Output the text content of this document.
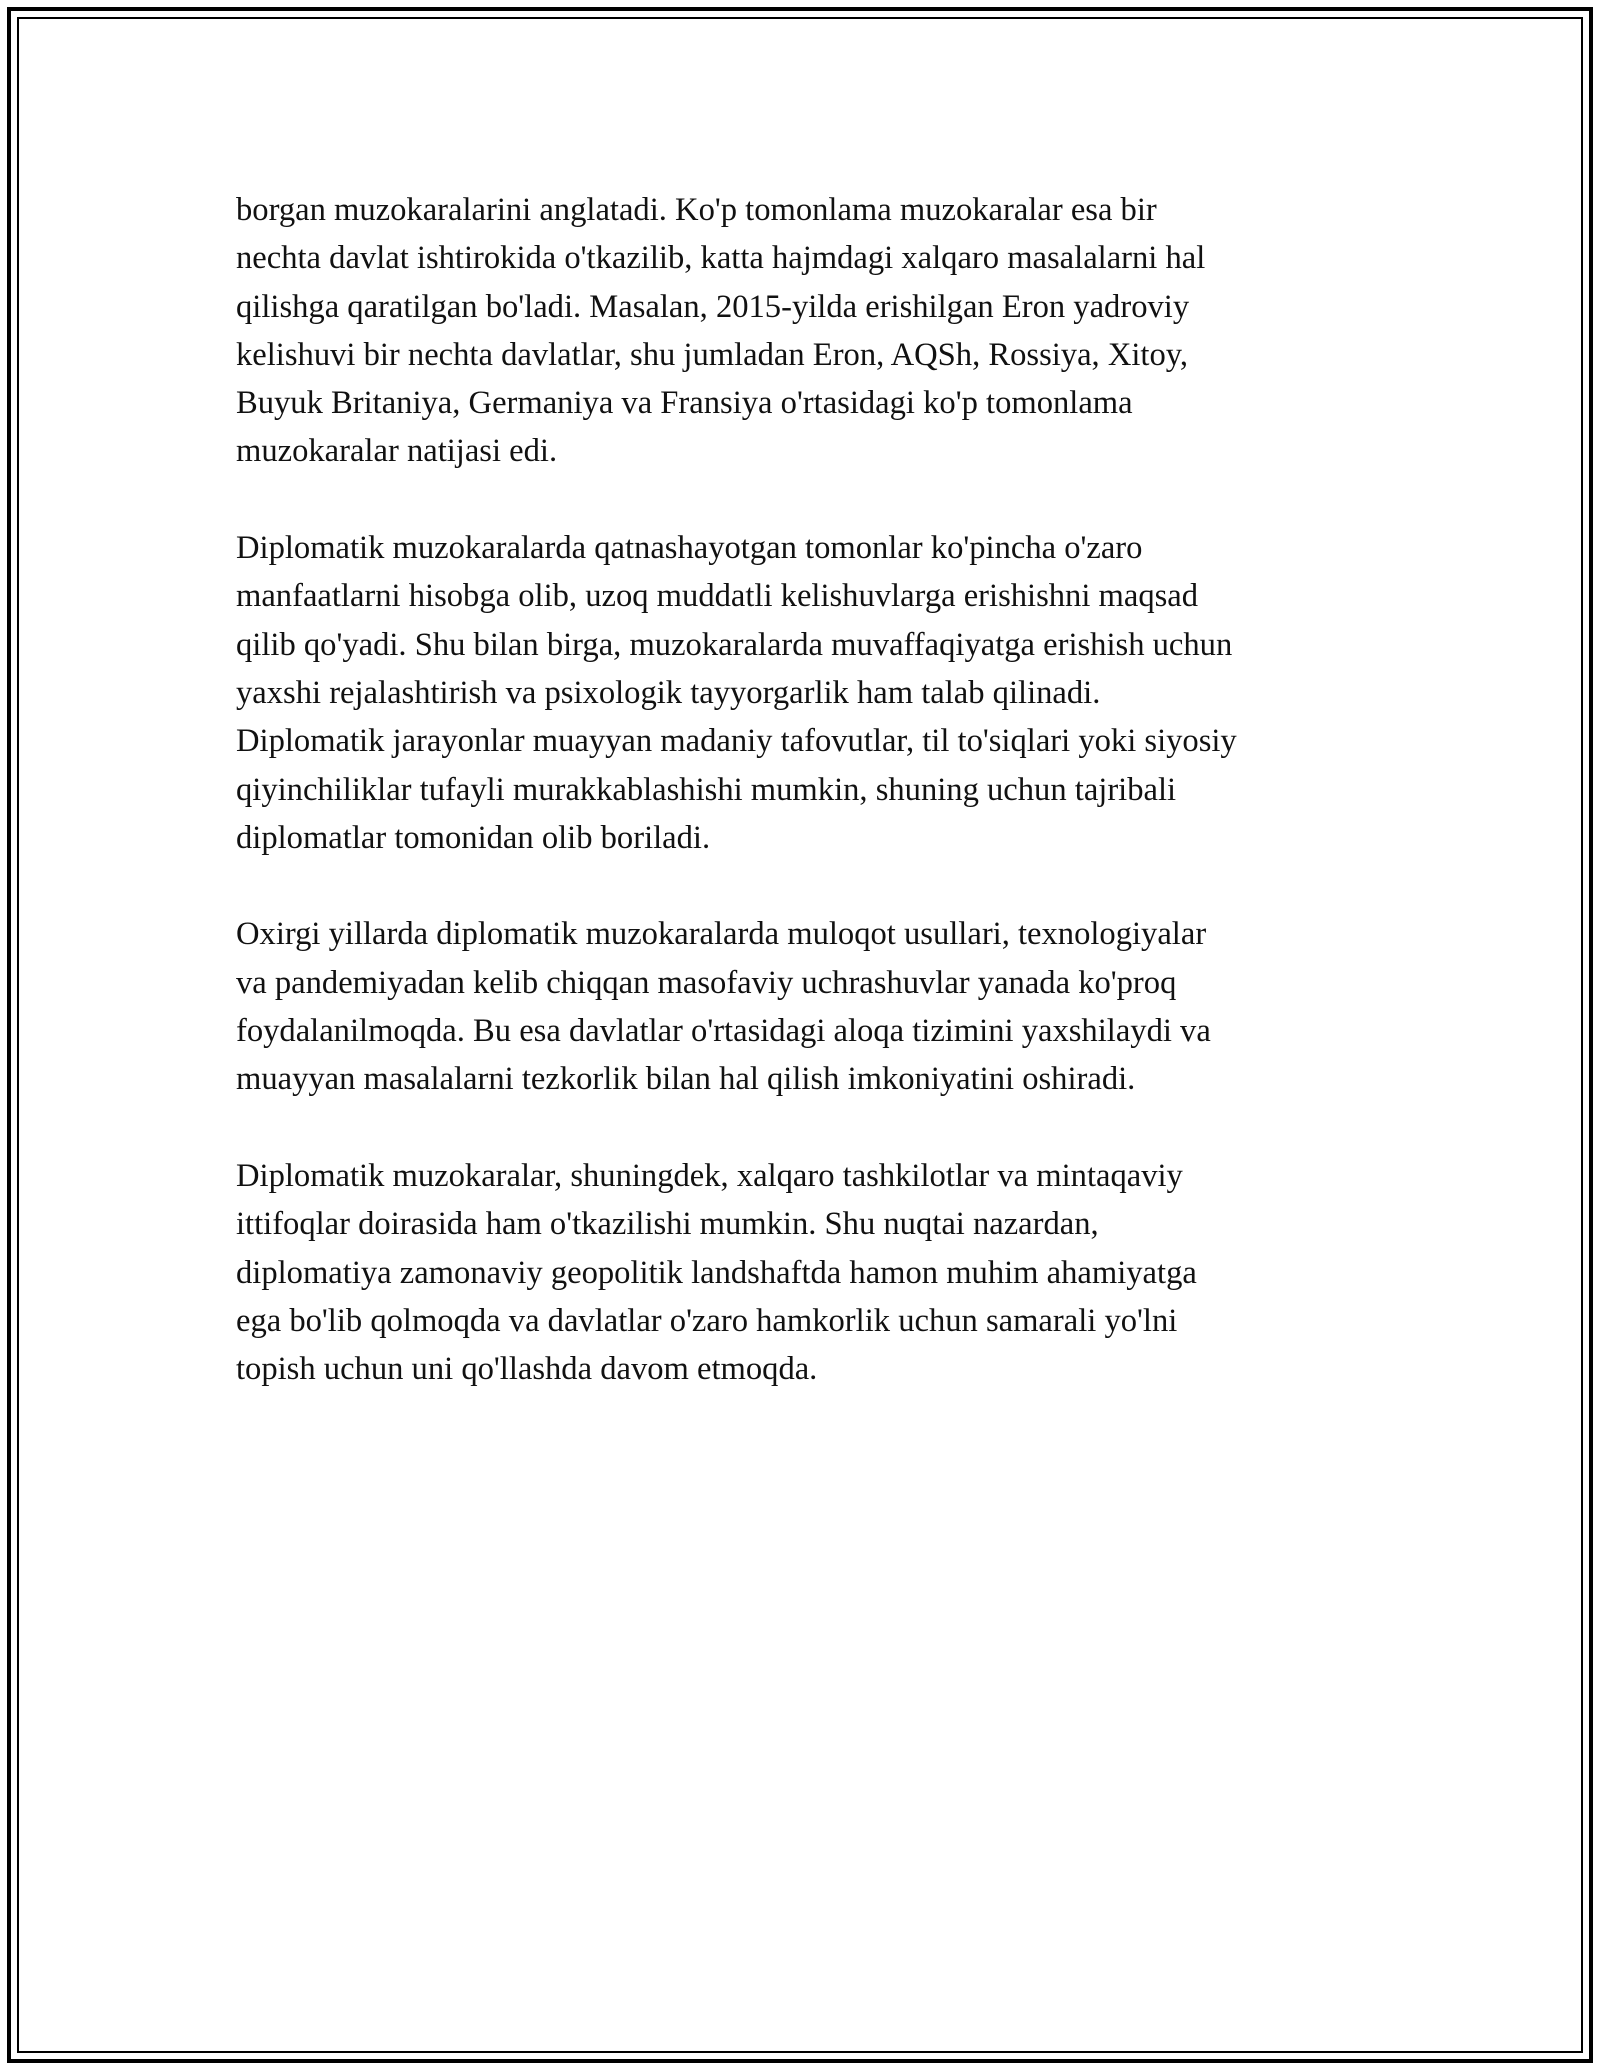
borgan muzokaralarini anglatadi. Ko'p tomonlama muzokaralar esa bir
nechta davlat ishtirokida o'tkazilib, katta hajmdagi xalqaro masalalarni hal
qilishga qaratilgan bo'ladi. Masalan, 2015-yilda erishilgan Eron yadroviy
kelishuvi bir nechta davlatlar, shu jumladan Eron, AQSh, Rossiya, Xitoy,
Buyuk Britaniya, Germaniya va Fransiya o'rtasidagi ko'p tomonlama
muzokaralar natijasi edi.

Diplomatik muzokaralarda qatnashayotgan tomonlar ko'pincha o'zaro
manfaatlarni hisobga olib, uzoq muddatli kelishuvlarga erishishni maqsad
qilib qo'yadi. Shu bilan birga, muzokaralarda muvaffaqiyatga erishish uchun
yaxshi rejalashtirish va psixologik tayyorgarlik ham talab qilinadi.
Diplomatik jarayonlar muayyan madaniy tafovutlar, til to'siqlari yoki siyosiy
qiyinchiliklar tufayli murakkablashishi mumkin, shuning uchun tajribali
diplomatlar tomonidan olib boriladi.

Oxirgi yillarda diplomatik muzokaralarda muloqot usullari, texnologiyalar
va pandemiyadan kelib chiqqan masofaviy uchrashuvlar yanada ko'proq
foydalanilmoqda. Bu esa davlatlar o'rtasidagi aloqa tizimini yaxshilaydi va
muayyan masalalarni tezkorlik bilan hal qilish imkoniyatini oshiradi.

Diplomatik muzokaralar, shuningdek, xalqaro tashkilotlar va mintaqaviy
ittifoqlar doirasida ham o'tkazilishi mumkin. Shu nuqtai nazardan,
diplomatiya zamonaviy geopolitik landshaftda hamon muhim ahamiyatga
ega bo'lib qolmoqda va davlatlar o'zaro hamkorlik uchun samarali yo'lni
topish uchun uni qo'llashda davom etmoqda.
